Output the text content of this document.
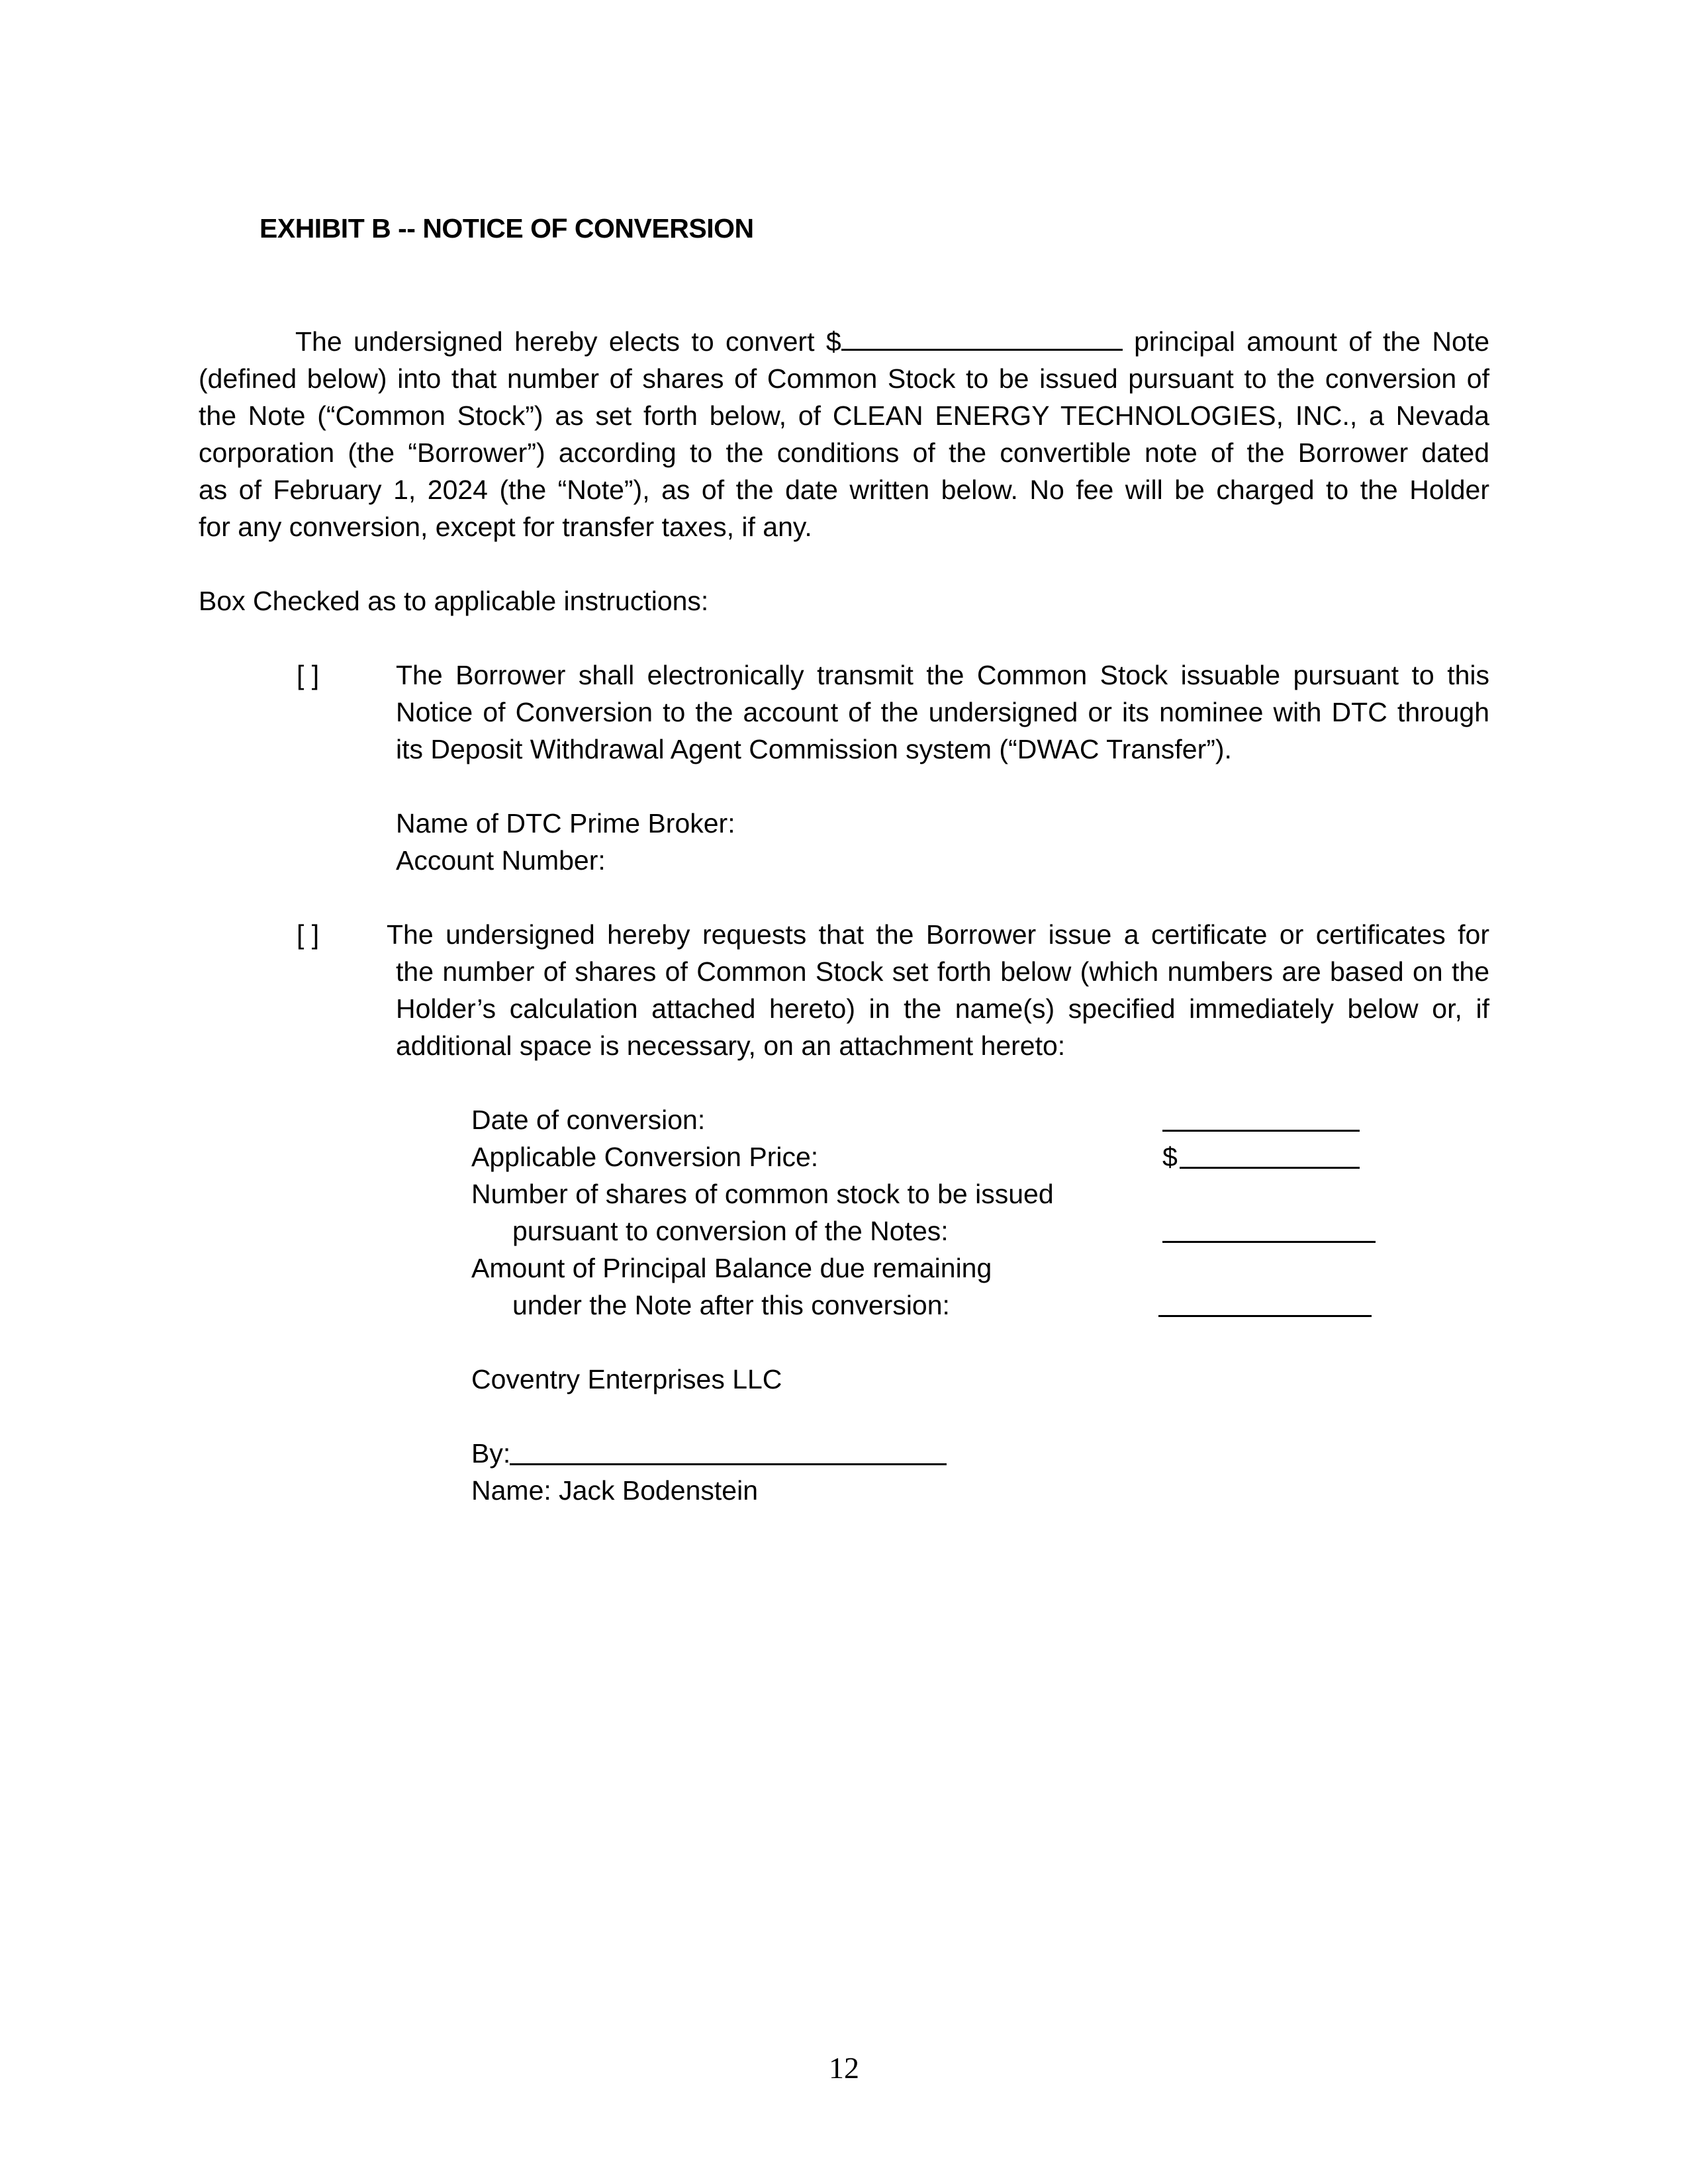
EXHIBIT B -- NOTICE OF CONVERSION
The undersigned hereby elects to convert $	principal amount of the Note
(defined below) into that number of shares of Common Stock to be issued pursuant to the conversion of
the Note (“Common Stock”) as set forth below, of CLEAN ENERGY TECHNOLOGIES, INC., a Nevada
corporation (the “Borrower”) according to the conditions of the convertible note of the Borrower dated
as of February 1, 2024 (the “Note”), as of the date written below. No fee will be charged to the Holder
for any conversion, except for transfer taxes, if any.
Box Checked as to applicable instructions:
[ ]	The Borrower shall electronically transmit the Common Stock issuable pursuant to this
Notice of Conversion to the account of the undersigned or its nominee with DTC through
its Deposit Withdrawal Agent Commission system (“DWAC Transfer”).
Name of DTC Prime Broker:
Account Number:
[ ] The undersigned hereby requests that the Borrower issue a certificate or certificates for
the number of shares of Common Stock set forth below (which numbers are based on the
Holder’s calculation attached hereto) in the name(s) specified immediately below or, if
additional space is necessary, on an attachment hereto:
Date of conversion:
Applicable Conversion Price:	$
Number of shares of common stock to be issued
pursuant to conversion of the Notes:
Amount of Principal Balance due remaining
under the Note after this conversion:
Coventry Enterprises LLC
By:
Name: Jack Bodenstein
12
